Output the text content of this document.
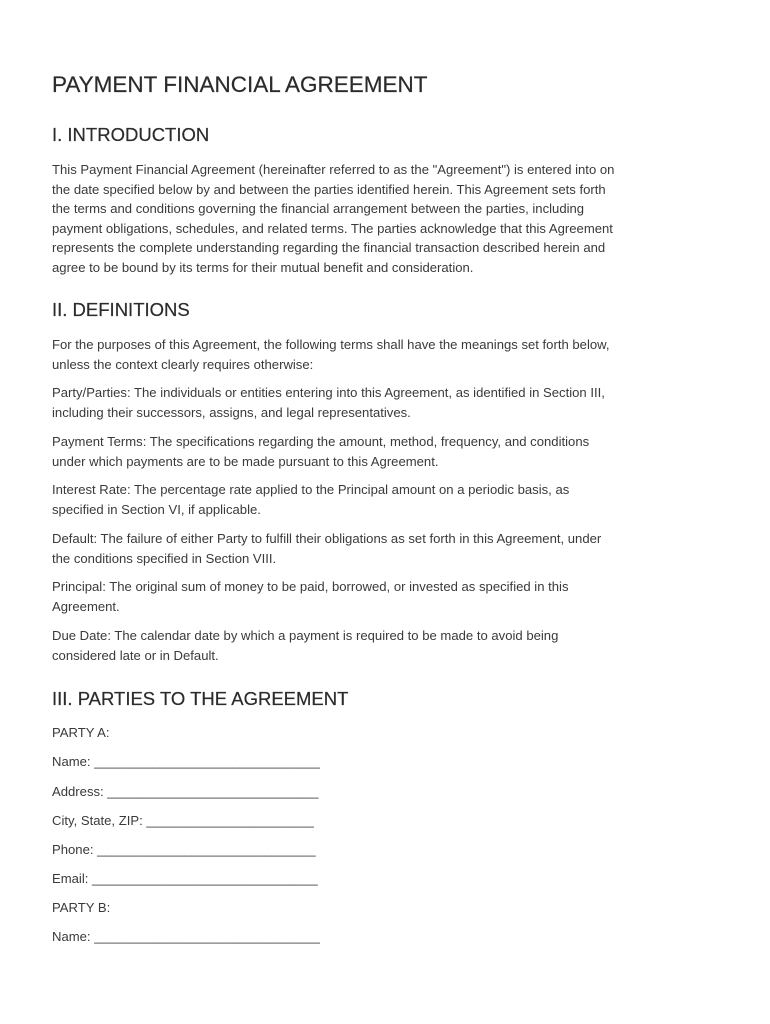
PAYMENT FINANCIAL AGREEMENT
I. INTRODUCTION

This Payment Financial Agreement (hereinafter referred to as the "Agreement") is entered into on
the date specified below by and between the parties identified herein. This Agreement sets forth
the terms and conditions governing the financial arrangement between the parties, including
payment obligations, schedules, and related terms. The parties acknowledge that this Agreement
represents the complete understanding regarding the financial transaction described herein and
agree to be bound by its terms for their mutual benefit and consideration.

II. DEFINITIONS

For the purposes of this Agreement, the following terms shall have the meanings set forth below,
unless the context clearly requires otherwise:

Party/Parties: The individuals or entities entering into this Agreement, as identified in Section III,
including their successors, assigns, and legal representatives.

Payment Terms: The specifications regarding the amount, method, frequency, and conditions
under which payments are to be made pursuant to this Agreement.

Interest Rate: The percentage rate applied to the Principal amount on a periodic basis, as
specified in Section VI, if applicable.

Default: The failure of either Party to fulfill their obligations as set forth in this Agreement, under
the conditions specified in Section VIII.

Principal: The original sum of money to be paid, borrowed, or invested as specified in this
Agreement.

Due Date: The calendar date by which a payment is required to be made to avoid being
considered late or in Default.

III. PARTIES TO THE AGREEMENT

PARTY A:

Name: _______________________________

Address: _____________________________

City, State, ZIP: _______________________

Phone: ______________________________

Email: _______________________________

PARTY B:

Name: _______________________________
